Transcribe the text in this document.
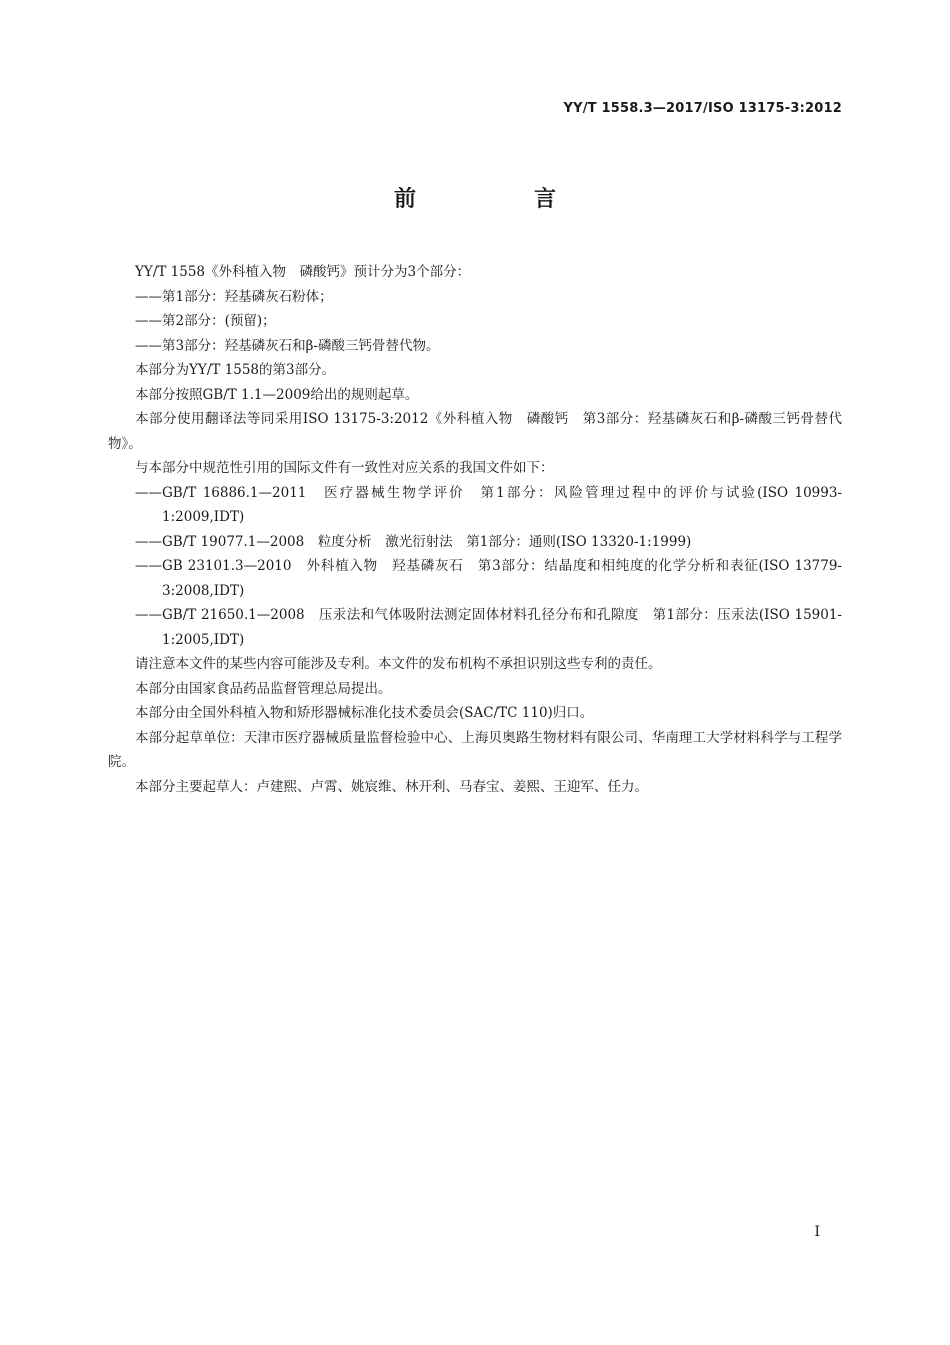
YY/T 1558.3—2017/ISO 13175-3:2012
前　言

YY/T 1558《外科植入物　磷酸钙》预计分为3个部分：

——第1部分：羟基磷灰石粉体；

——第2部分：(预留)；

——第3部分：羟基磷灰石和β-磷酸三钙骨替代物。

本部分为YY/T 1558的第3部分。

本部分按照GB/T 1.1—2009给出的规则起草。

本部分使用翻译法等同采用ISO 13175-3:2012《外科植入物　磷酸钙　第3部分：羟基磷灰石和β-磷酸三钙骨替代物》。

与本部分中规范性引用的国际文件有一致性对应关系的我国文件如下：

——GB/T 16886.1—2011　医疗器械生物学评价　第1部分：风险管理过程中的评价与试验(ISO 10993-1:2009,IDT)

——GB/T 19077.1—2008　粒度分析　激光衍射法　第1部分：通则(ISO 13320-1:1999)

——GB 23101.3—2010　外科植入物　羟基磷灰石　第3部分：结晶度和相纯度的化学分析和表征(ISO 13779-3:2008,IDT)

——GB/T 21650.1—2008　压汞法和气体吸附法测定固体材料孔径分布和孔隙度　第1部分：压汞法(ISO 15901-1:2005,IDT)

请注意本文件的某些内容可能涉及专利。本文件的发布机构不承担识别这些专利的责任。

本部分由国家食品药品监督管理总局提出。

本部分由全国外科植入物和矫形器械标准化技术委员会(SAC/TC 110)归口。

本部分起草单位：天津市医疗器械质量监督检验中心、上海贝奥路生物材料有限公司、华南理工大学材料科学与工程学院。

本部分主要起草人：卢建熙、卢霄、姚宸维、林开利、马春宝、姜熙、王迎军、任力。

I
